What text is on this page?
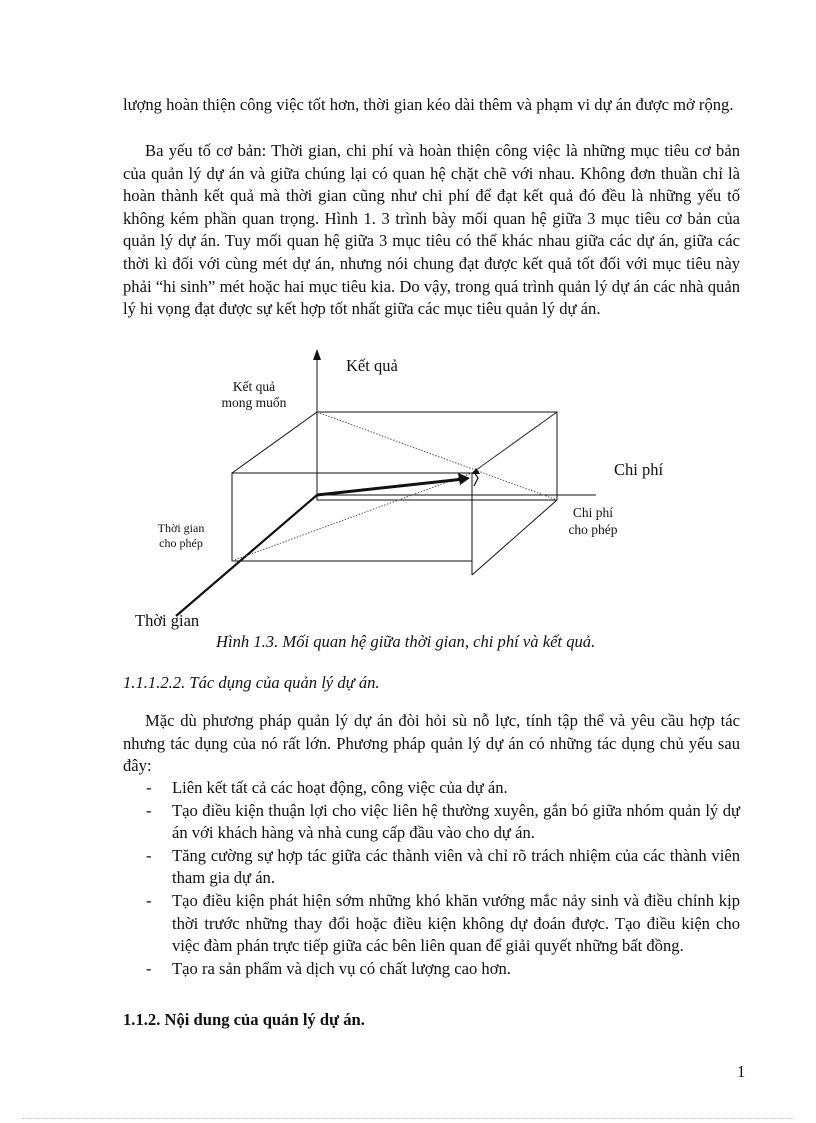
lượng hoàn thiện công việc tốt hơn, thời gian kéo dài thêm và phạm vi dự án được mở rộng.

Ba yếu tố cơ bản: Thời gian, chi phí và hoàn thiện công việc là những mục tiêu cơ bản của quản lý dự án và giữa chúng lại có quan hệ chặt chẽ với nhau. Không đơn thuần chỉ là hoàn thành kết quả mà thời gian cũng như chi phí để đạt kết quả đó đều là những yếu tố không kém phần quan trọng. Hình 1. 3 trình bày mối quan hệ giữa 3 mục tiêu cơ bản của quản lý dự án. Tuy mối quan hệ giữa 3 mục tiêu có thể khác nhau giữa các dự án, giữa các thời kì đối với cùng mét dự án, nhưng nói chung đạt được kết quả tốt đối với mục tiêu này phải “hi sinh” mét hoặc hai mục tiêu kia. Do vậy, trong quá trình quản lý dự án các nhà quản lý hi vọng đạt được sự kết hợp tốt nhất giữa các mục tiêu quản lý dự án.

Kết quả
Kết quả
mong muốn
Chi phí
Chi phí
cho phép
Thời gian
cho phép
Thời gian

Hình 1.3. Mối quan hệ giữa thời gian, chi phí và kết quả.

1.1.1.2.2. Tác dụng của quản lý dự án.

Mặc dù phương pháp quản lý dự án đòi hỏi sù nỗ lực, tính tập thể và yêu cầu hợp tác nhưng tác dụng của nó rất lớn. Phương pháp quản lý dự án có những tác dụng chủ yếu sau đây:

- Liên kết tất cả các hoạt động, công việc của dự án.
- Tạo điều kiện thuận lợi cho việc liên hệ thường xuyên, gắn bó giữa nhóm quản lý dự án với khách hàng và nhà cung cấp đầu vào cho dự án.
- Tăng cường sự hợp tác giữa các thành viên và chỉ rõ trách nhiệm của các thành viên tham gia dự án.
- Tạo điều kiện phát hiện sớm những khó khăn vướng mắc nảy sinh và điều chỉnh kịp thời trước những thay đổi hoặc điều kiện không dự đoán được. Tạo điều kiện cho việc đàm phán trực tiếp giữa các bên liên quan để giải quyết những bất đồng.
- Tạo ra sản phẩm và dịch vụ có chất lượng cao hơn.

1.1.2. Nội dung của quản lý dự án.

1
